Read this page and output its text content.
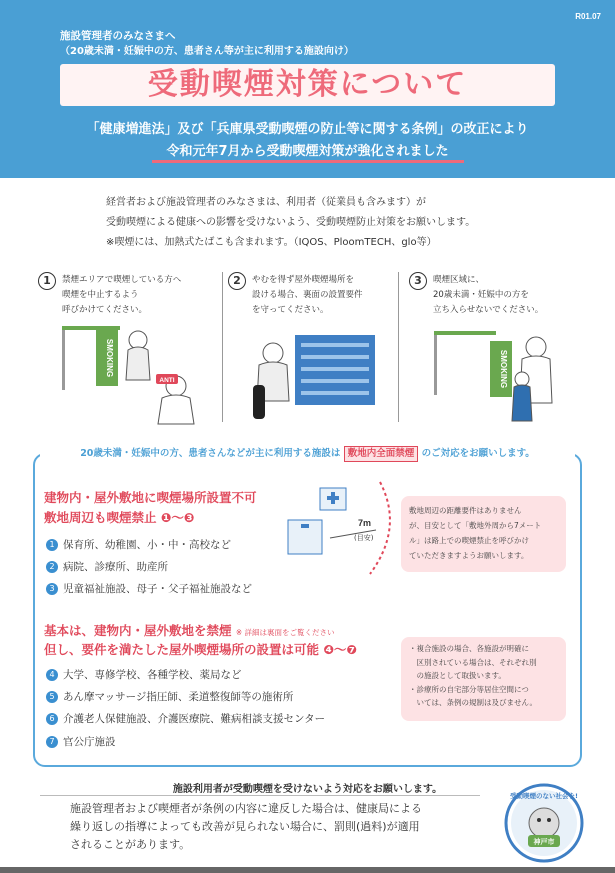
R01.07
施設管理者のみなさまへ
（20歳未満・妊娠中の方、患者さん等が主に利用する施設向け）
受動喫煙対策について
「健康増進法」及び「兵庫県受動喫煙の防止等に関する条例」の改正により
令和元年7月から受動喫煙対策が強化されました
経営者および施設管理者のみなさまは、利用者（従業員も含みます）が
受動喫煙による健康への影響を受けないよう、受動喫煙防止対策をお願いします。
※喫煙には、加熱式たばこも含まれます。（IQOS、PloomTECH、glo等）
1	禁煙エリアで喫煙している方へ
喫煙を中止するよう
呼びかけてください。
SMOKING
ANTI
2	やむを得ず屋外喫煙場所を
設ける場合、裏面の設置要件
を守ってください。
3	喫煙区域に、
20歳未満・妊娠中の方を
立ち入らせないでください。
SMOKING
20歳未満・妊娠中の方、患者さんなどが主に利用する施設は 敷地内全面禁煙 のご対応をお願いします。
建物内・屋外敷地に喫煙場所設置不可
敷地周辺も喫煙禁止 ❶～❸
1 保育所、幼稚園、小・中・高校など
2 病院、診療所、助産所
3 児童福祉施設、母子・父子福祉施設など
7m
(目安)
敷地周辺の距離要件はありません
が、目安として「敷地外周から7メート
ル」は路上での喫煙禁止を呼びかけ
ていただきますようお願いします。
基本は、建物内・屋外敷地を禁煙 ※ 詳細は裏面をご覧ください
但し、要件を満たした屋外喫煙場所の設置は可能 ❹～❼
4 大学、専修学校、各種学校、薬局など
5 あん摩マッサージ指圧師、柔道整復師等の施術所
6 介護老人保健施設、介護医療院、難病相談支援センター
7 官公庁施設
・複合施設の場合、各施設が明確に
　区別されている場合は、それぞれ別
　の施設として取扱います。
・診療所の自宅部分等居住空間につ
　いては、条例の規制は及びません。
施設利用者が受動喫煙を受けないよう対応をお願いします。
施設管理者および喫煙者が条例の内容に違反した場合は、健康局による
繰り返しの指導によっても改善が見られない場合に、罰則(過料)が適用
されることがあります。
受動喫煙のない社会を!
神戸市
